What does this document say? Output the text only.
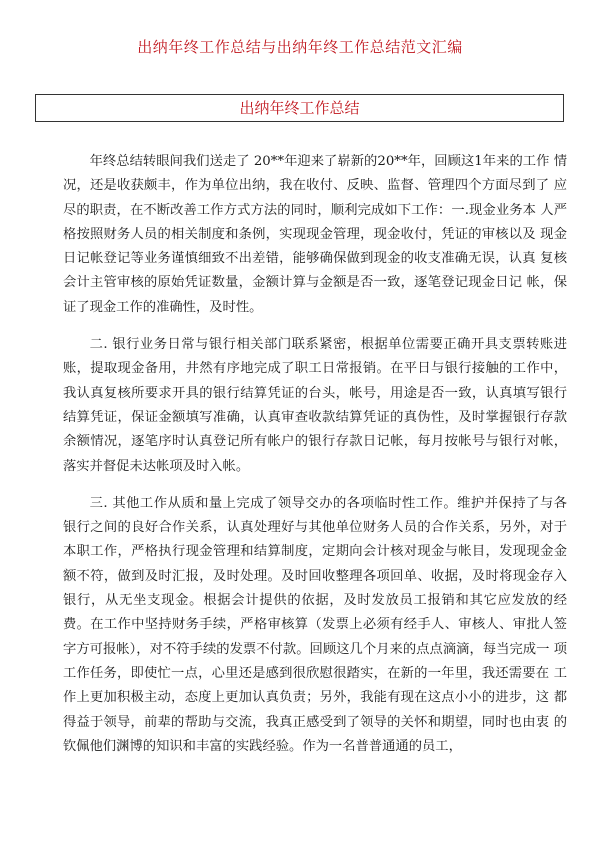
出纳年终工作总结与出纳年终工作总结范文汇编
出纳年终工作总结

年终总结转眼间我们送走了 20**年迎来了崭新的20**年，回顾这1年来的工作 情况，还是收获颇丰，作为单位出纳，我在收付、反映、监督、管理四个方面尽到了 应尽的职责，在不断改善工作方式方法的同时，顺利完成如下工作：一.现金业务本 人严格按照财务人员的相关制度和条例，实现现金管理，现金收付，凭证的审核以及 现金日记帐登记等业务谨慎细致不出差错，能够确保做到现金的收支准确无误，认真 复核会计主管审核的原始凭证数量，金额计算与金额是否一致，逐笔登记现金日记 帐，保证了现金工作的准确性，及时性。

二. 银行业务日常与银行相关部门联系紧密，根据单位需要正确开具支票转账进 账，提取现金备用，井然有序地完成了职工日常报销。在平日与银行接触的工作中， 我认真复核所要求开具的银行结算凭证的台头，帐号，用途是否一致，认真填写银行 结算凭证，保证金额填写准确，认真审查收款结算凭证的真伪性，及时掌握银行存款 余额情况，逐笔序时认真登记所有帐户的银行存款日记帐，每月按帐号与银行对帐， 落实并督促未达帐项及时入帐。

三. 其他工作从质和量上完成了领导交办的各项临时性工作。维护并保持了与各 银行之间的良好合作关系，认真处理好与其他单位财务人员的合作关系，另外，对于 本职工作，严格执行现金管理和结算制度，定期向会计核对现金与帐目，发现现金金 额不符，做到及时汇报，及时处理。及时回收整理各项回单、收据，及时将现金存入 银行，从无坐支现金。根据会计提供的依据，及时发放员工报销和其它应发放的经 费。在工作中坚持财务手续，严格审核算（发票上必须有经手人、审核人、审批人签 字方可报帐），对不符手续的发票不付款。回顾这几个月来的点点滴滴，每当完成一 项工作任务，即使忙一点，心里还是感到很欣慰很踏实，在新的一年里，我还需要在 工作上更加积极主动，态度上更加认真负责；另外，我能有现在这点小小的进步，这 都得益于领导，前辈的帮助与交流，我真正感受到了领导的关怀和期望，同时也由衷 的钦佩他们渊博的知识和丰富的实践经验。作为一名普普通通的员工，
